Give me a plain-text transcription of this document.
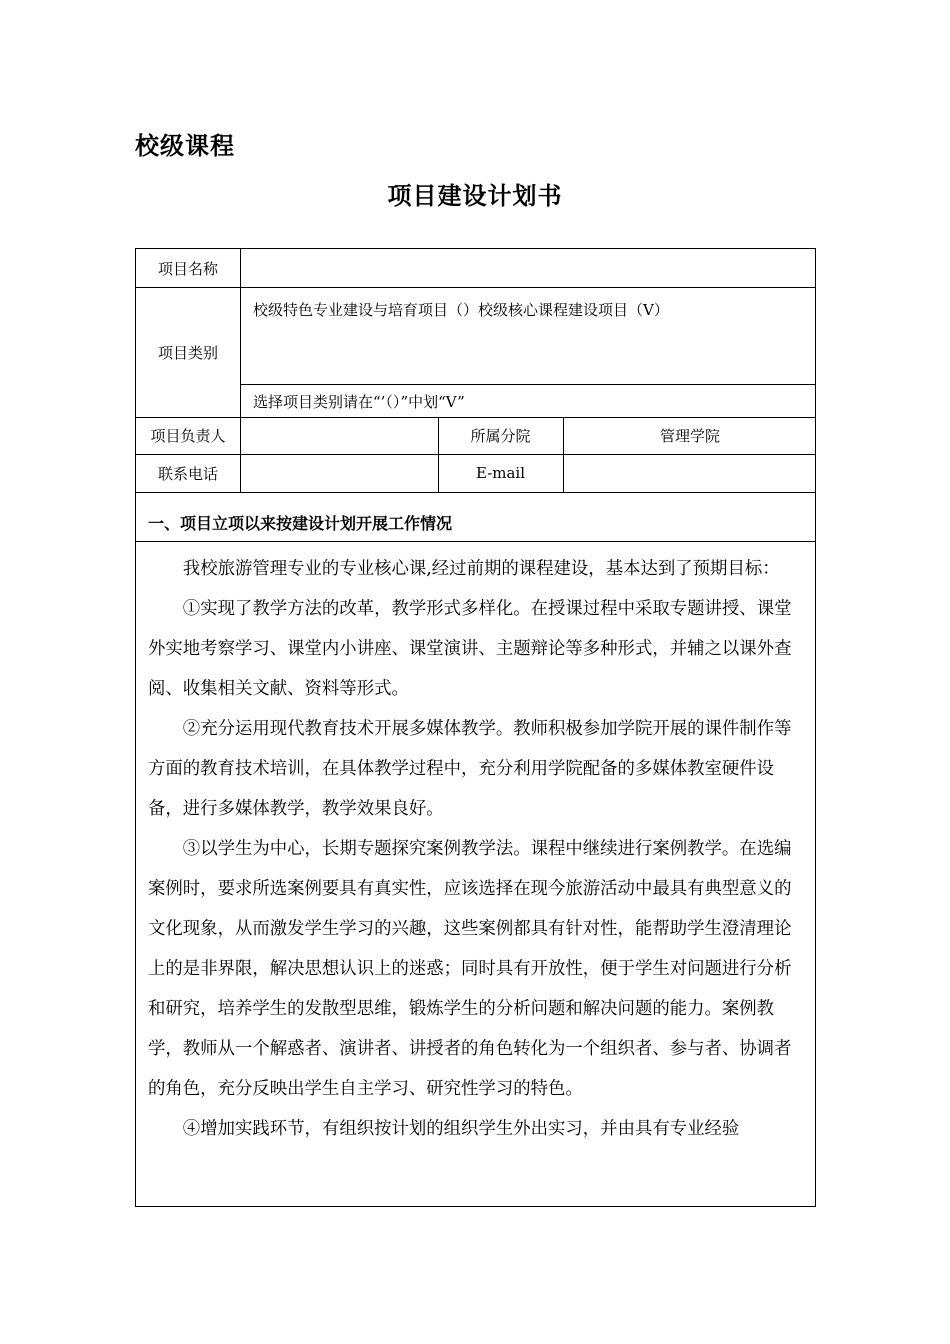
校级课程
项目建设计划书
项目名称
项目类别
校级特色专业建设与培育项目（）校级核心课程建设项目（V）
选择项目类别请在“’（）”中划“V”
项目负责人	所属分院	管理学院
联系电话	E-mail
一、项目立项以来按建设计划开展工作情况

我校旅游管理专业的专业核心课,经过前期的课程建设，基本达到了预期目标：

①实现了教学方法的改革，教学形式多样化。在授课过程中采取专题讲授、课堂外实地考察学习、课堂内小讲座、课堂演讲、主题辩论等多种形式，并辅之以课外查阅、收集相关文献、资料等形式。

②充分运用现代教育技术开展多媒体教学。教师积极参加学院开展的课件制作等方面的教育技术培训，在具体教学过程中，充分利用学院配备的多媒体教室硬件设备，进行多媒体教学，教学效果良好。

③以学生为中心，长期专题探究案例教学法。课程中继续进行案例教学。在选编案例时，要求所选案例要具有真实性，应该选择在现今旅游活动中最具有典型意义的文化现象，从而激发学生学习的兴趣，这些案例都具有针对性，能帮助学生澄清理论上的是非界限，解决思想认识上的迷惑；同时具有开放性，便于学生对问题进行分析和研究，培养学生的发散型思维，锻炼学生的分析问题和解决问题的能力。案例教学，教师从一个解惑者、演讲者、讲授者的角色转化为一个组织者、参与者、协调者的角色，充分反映出学生自主学习、研究性学习的特色。

④增加实践环节，有组织按计划的组织学生外出实习，并由具有专业经验
